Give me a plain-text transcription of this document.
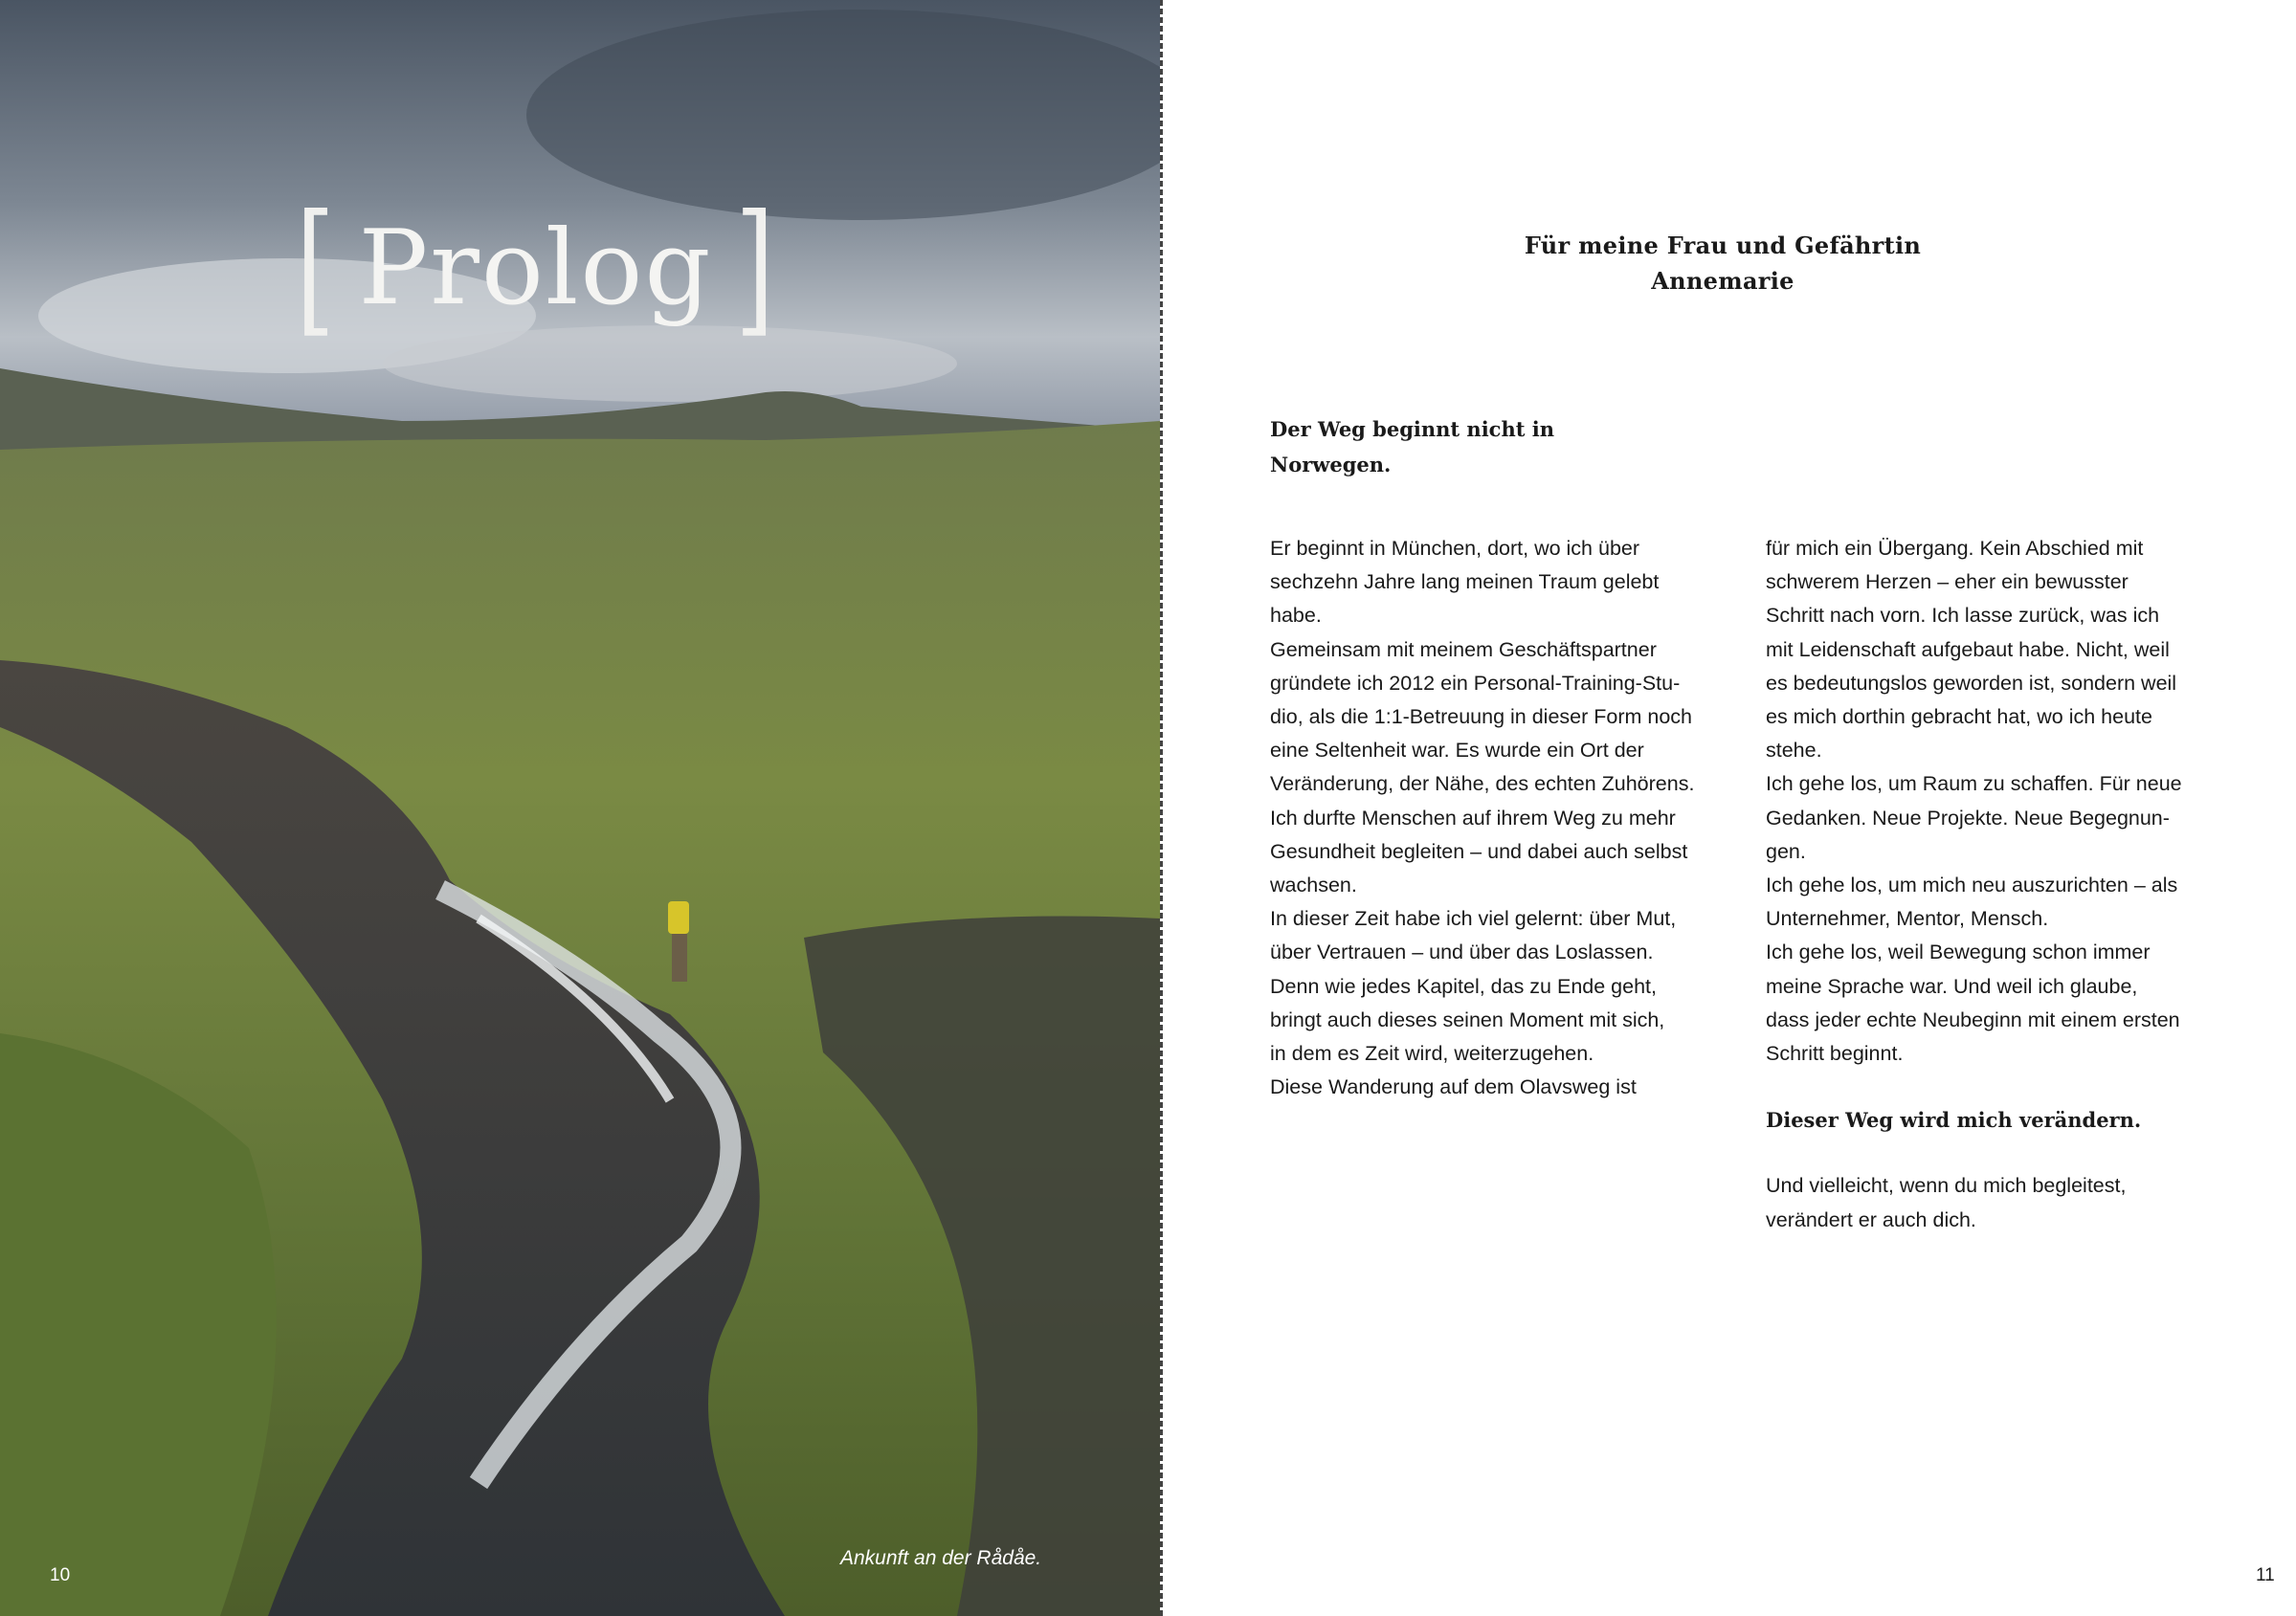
[ Prolog ]
Ankunft an der Rådåe.
10
Für meine Frau und Gefährtin
Annemarie
Der Weg beginnt nicht in
Norwegen.

Er beginnt in München, dort, wo ich über
sechzehn Jahre lang meinen Traum gelebt
habe.
Gemeinsam mit meinem Geschäftspartner
gründete ich 2012 ein Personal-Training-Stu-
dio, als die 1:1-Betreuung in dieser Form noch
eine Seltenheit war. Es wurde ein Ort der
Veränderung, der Nähe, des echten Zuhörens.
Ich durfte Menschen auf ihrem Weg zu mehr
Gesundheit begleiten – und dabei auch selbst
wachsen.
In dieser Zeit habe ich viel gelernt: über Mut,
über Vertrauen – und über das Loslassen.
Denn wie jedes Kapitel, das zu Ende geht,
bringt auch dieses seinen Moment mit sich,
in dem es Zeit wird, weiterzugehen.
Diese Wanderung auf dem Olavsweg ist

für mich ein Übergang. Kein Abschied mit
schwerem Herzen – eher ein bewusster
Schritt nach vorn. Ich lasse zurück, was ich
mit Leidenschaft aufgebaut habe. Nicht, weil
es bedeutungslos geworden ist, sondern weil
es mich dorthin gebracht hat, wo ich heute
stehe.
Ich gehe los, um Raum zu schaffen. Für neue
Gedanken. Neue Projekte. Neue Begegnun-
gen.
Ich gehe los, um mich neu auszurichten – als
Unternehmer, Mentor, Mensch.
Ich gehe los, weil Bewegung schon immer
meine Sprache war. Und weil ich glaube,
dass jeder echte Neubeginn mit einem ersten
Schritt beginnt.

Dieser Weg wird mich verändern.

Und vielleicht, wenn du mich begleitest,
verändert er auch dich.

11
